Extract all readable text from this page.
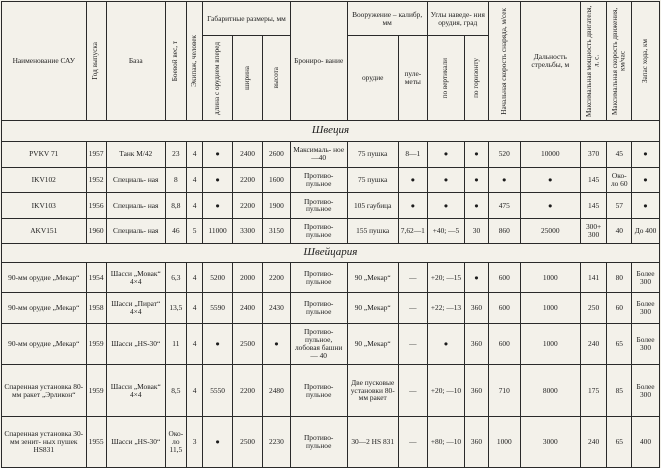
Наименование САУ	Год выпуска	База	Боевой вес, т	Экипаж, человек	Габаритные размеры, мм			Брониро- вание	Вооружение – калибр, мм		Углы наведе- ния орудия, град		Начальная скорость снаряда, м/сек	Дальность стрельбы, м	Максимальная мощность двигателя, л. с.	Максимальная скорость движения, км/час	Запас хода, км

					длина с орудием вперед	ширина	высота		орудие	пуле- меты	по вертикали	по горизонту					

Швеция																	
PVKV 71	1957	Танк М/42	23	4	●	2400	2600	Максималь- ное—40	75 пушка	8—1	●	●	520	10000	370	45	●
IKV102	1952	Специаль- ная	8	4	●	2200	1600	Противо- пульное	75 пушка	●	●	●	●	●	145	Око- ло 60	●
IKV103	1956	Специаль- ная	8,8	4	●	2200	1900	Противо- пульное	105 гаубица	●	●	●	475	●	145	57	●
AKV151	1960	Специаль- ная	46	5	11000	3300	3150	Противо- пульное	155 пушка	7,62—1	+40; —5	30	860	25000	300+ 300	40	До 400
Швейцария																	
90-мм орудие „Мекар“	1954	Шасси „Мовак“ 4×4	6,3	4	5200	2000	2200	Противо- пульное	90 „Мекар“	—	+20; —15	●	600	1000	141	80	Более 300
90-мм орудие „Мекар“	1958	Шасси „Пират“ 4×4	13,5	4	5590	2400	2430	Противо- пульное	90 „Мекар“	—	+22; —13	360	600	1000	250	60	Более 300
90-мм орудие „Мекар“	1959	Шасси „HS-30“	11	4	●	2500	●	Противо- пульное, лобовая башни— 40	90 „Мекар“	—	●	360	600	1000	240	65	Более 300
Спаренная установка 80-мм ракет „Эрликон“	1959	Шасси „Мовак“ 4×4	8,5	4	5550	2200	2480	Противо- пульное	Две пусковые установки 80-мм ракет	—	+20; —10	360	710	8000	175	85	Более 300
Спаренная установка 30-мм зенит- ных пушек HS831	1955	Шасси „HS-30“	Око- ло 11,5	3	●	2500	2230	Противо- пульное	30—2 HS 831	—	+80; —10	360	1000	3000	240	65	400
